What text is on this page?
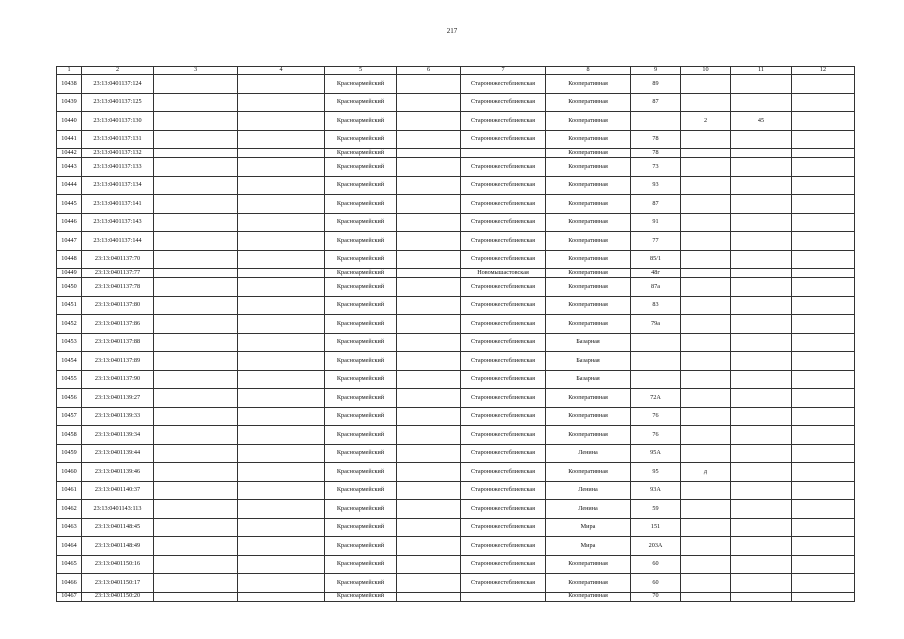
217
1	2	3	4	5	6	7	8	9	10	11	12
10438	23:13:0401137:124			Красноармейский		Староннжестеблиевская	Кооперативная	89			
10439	23:13:0401137:125			Красноармейский		Староннжестеблиевская	Кооперативная	87			
10440	23:13:0401137:130			Красноармейский		Староннжестеблиевская	Кооперативная		2	45	
10441	23:13:0401137:131			Красноармейский		Староннжестеблиевская	Кооперативная	78			
10442	23:13:0401137:132			Красноармейский			Кооперативная	78			
10443	23:13:0401137:133			Красноармейский		Староннжестеблиевская	Кооперативная	73			
10444	23:13:0401137:134			Красноармейский		Староннжестеблиевская	Кооперативная	93			
10445	23:13:0401137:141			Красноармейский		Староннжестеблиевская	Кооперативная	87			
10446	23:13:0401137:143			Красноармейский		Староннжестеблиевская	Кооперативная	91			
10447	23:13:0401137:144			Красноармейский		Староннжестеблиевская	Кооперативная	77			
10448	23:13:0401137:70			Красноармейский		Староннжестеблиевская	Кооперативная	85/1			
10449	23:13:0401137:77			Красноармейский		Новомышастовская	Кооперативная	48г			
10450	23:13:0401137:78			Красноармейский		Староннжестеблиевская	Кооперативная	87а			
10451	23:13:0401137:80			Красноармейский		Староннжестеблиевская	Кооперативная	83			
10452	23:13:0401137:86			Красноармейский		Староннжестеблиевская	Кооперативная	79а			
10453	23:13:0401137:88			Красноармейский		Староннжестеблиевская	Базарная				
10454	23:13:0401137:89			Красноармейский		Староннжестеблиевская	Базарная				
10455	23:13:0401137:90			Красноармейский		Староннжестеблиевская	Базарная				
10456	23:13:0401139:27			Красноармейский		Староннжестеблиевская	Кооперативная	72А			
10457	23:13:0401139:33			Красноармейский		Староннжестеблиевская	Кооперативная	76			
10458	23:13:0401139:34			Красноармейский		Староннжестеблиевская	Кооперативная	76			
10459	23:13:0401139:44			Красноармейский		Староннжестеблиевская	Ленина	95А			
10460	23:13:0401139:46			Красноармейский		Староннжестеблиевская	Кооперативная	95	д		
10461	23:13:0401140:37			Красноармейский		Староннжестеблиевская	Ленина	93А			
10462	23:13:0401143:113			Красноармейский		Староннжестеблиевская	Ленина	59			
10463	23:13:0401148:45			Красноармейский		Староннжестеблиевская	Мира	151			
10464	23:13:0401148:49			Красноармейский		Староннжестеблиевская	Мира	203А			
10465	23:13:0401150:16			Красноармейский		Староннжестеблиевская	Кооперативная	60			
10466	23:13:0401150:17			Красноармейский		Староннжестеблиевская	Кооперативная	60			
10467	23:13:0401150:20			Красноармейский			Кооперативная	70			
